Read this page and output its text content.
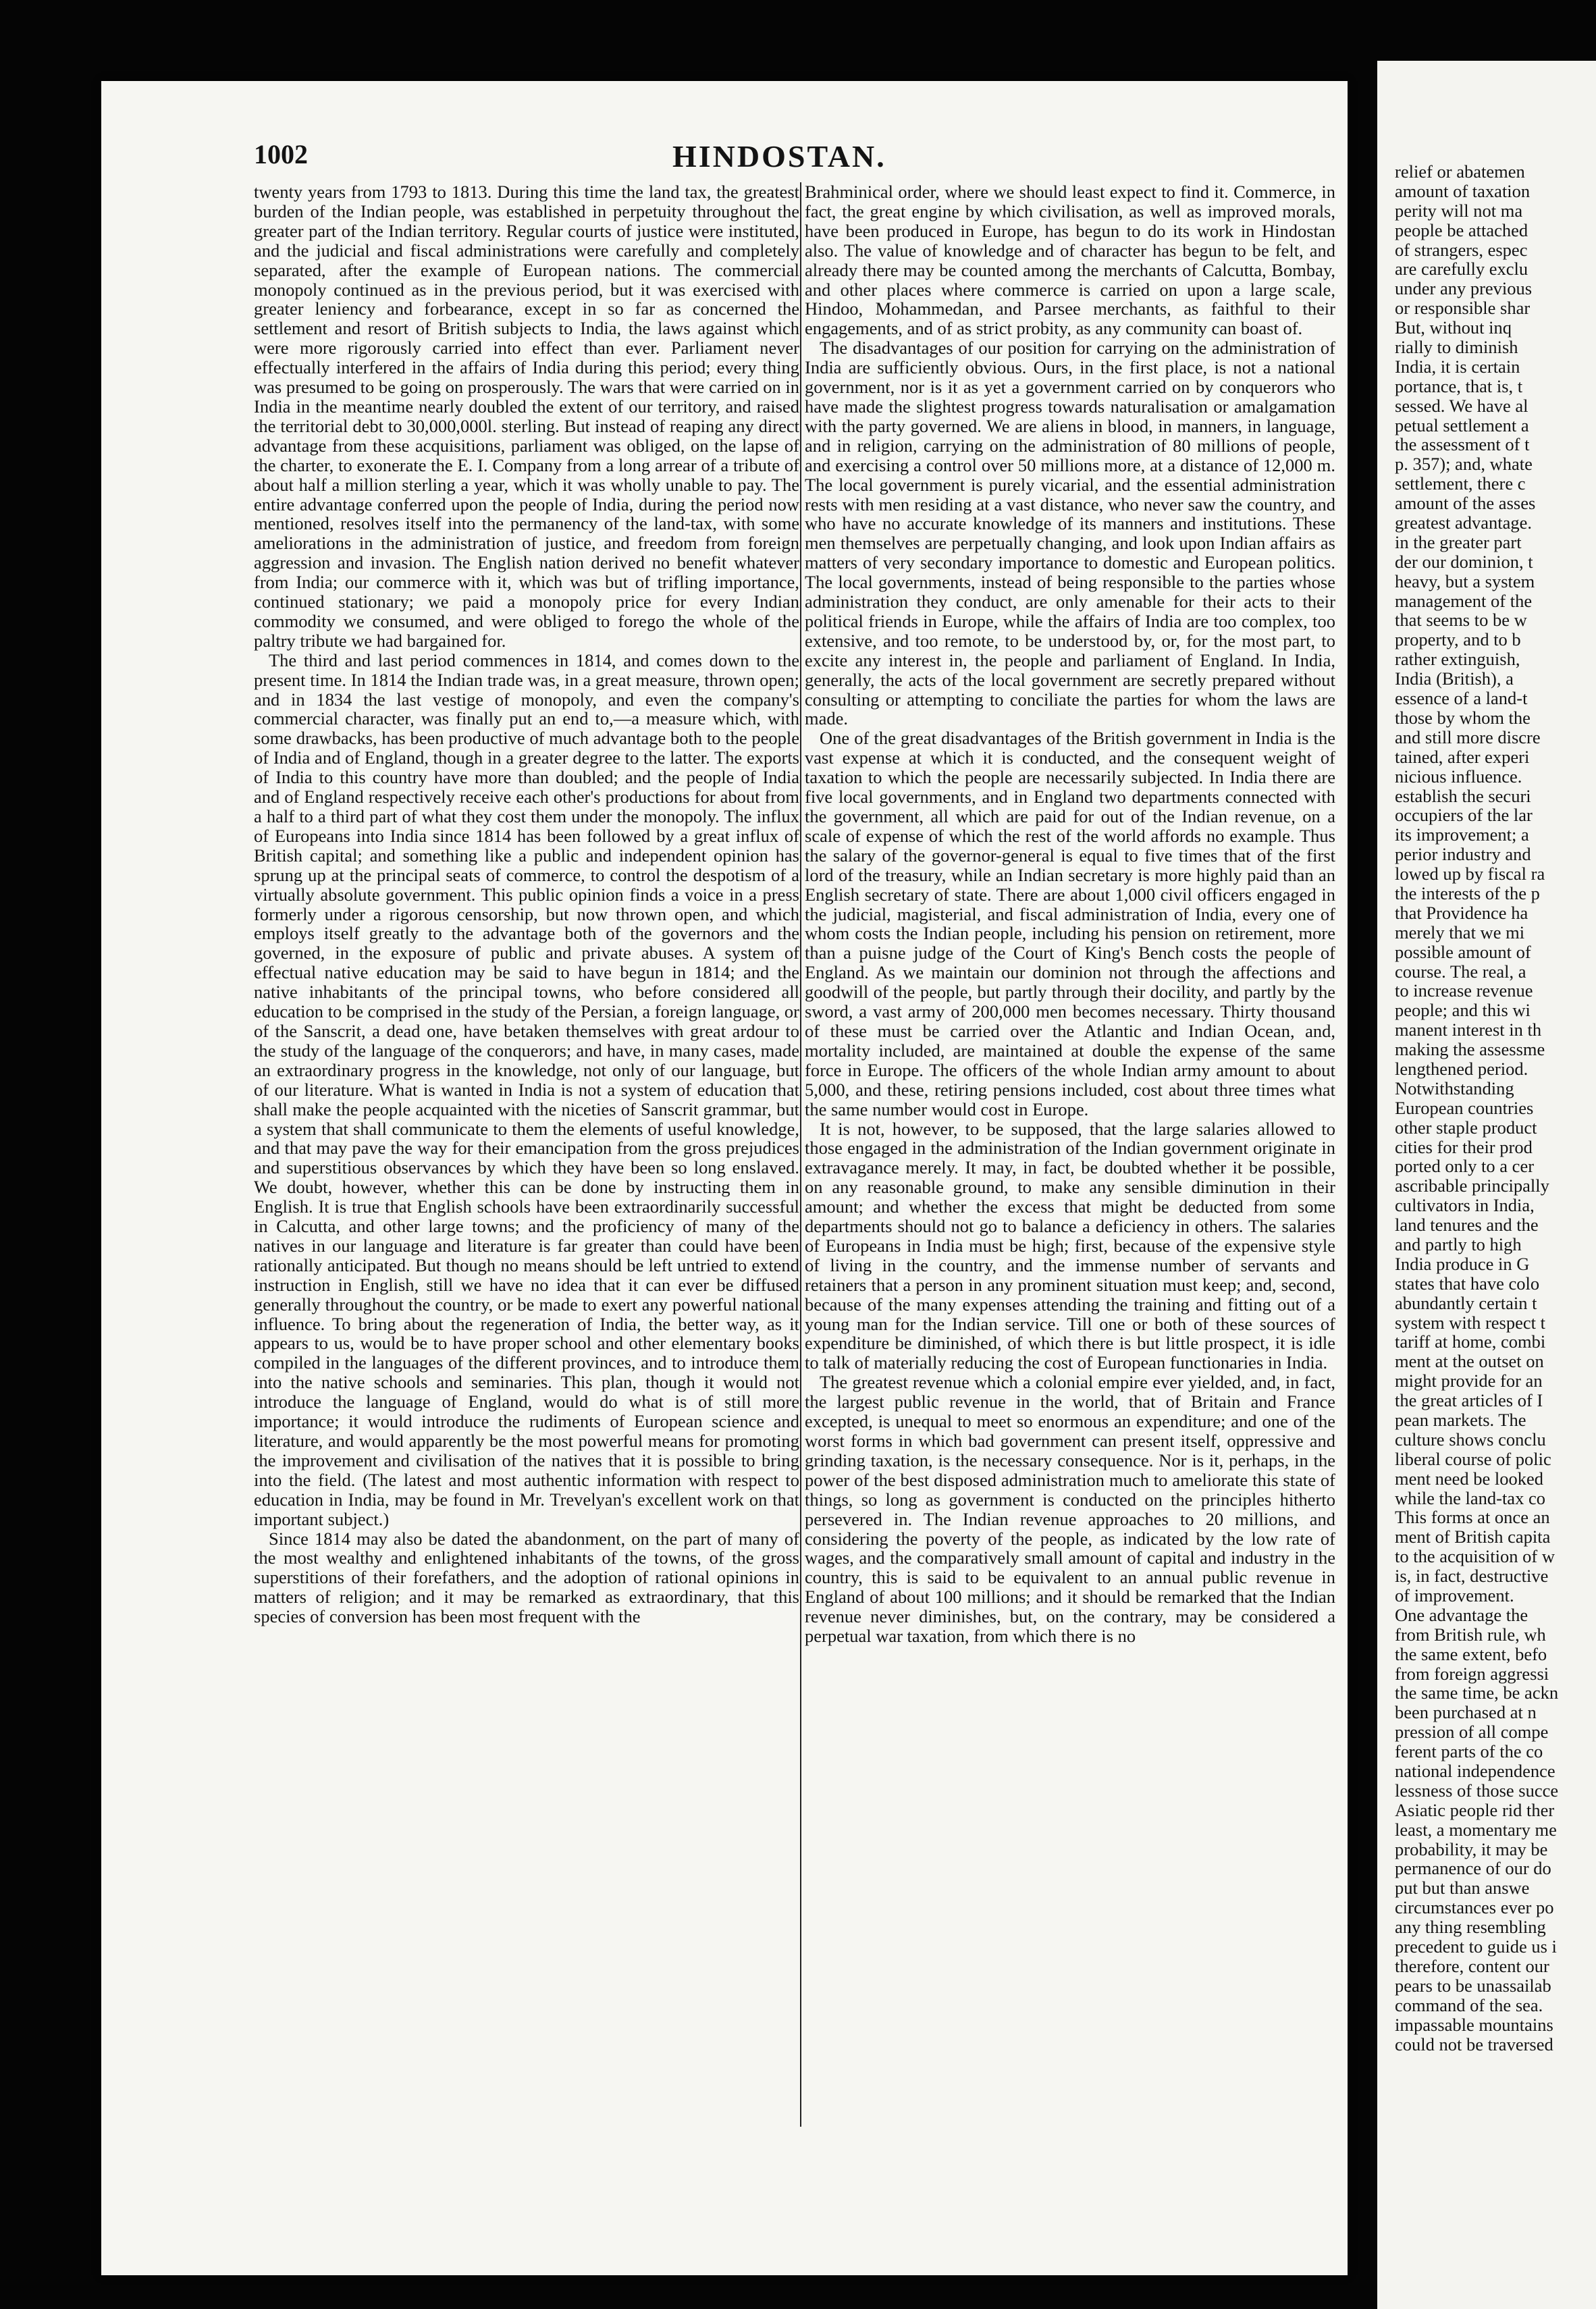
1002	HINDOSTAN.

twenty years from 1793 to 1813. During this time the land tax, the greatest burden of the Indian people, was established in perpetuity throughout the greater part of the Indian territory. Regular courts of justice were instituted, and the judicial and fiscal administrations were carefully and completely separated, after the example of European nations. The commercial monopoly continued as in the previous period, but it was exercised with greater leniency and forbearance, except in so far as concerned the settlement and resort of British subjects to India, the laws against which were more rigorously carried into effect than ever. Parliament never effectually interfered in the affairs of India during this period; every thing was presumed to be going on prosperously. The wars that were carried on in India in the meantime nearly doubled the extent of our territory, and raised the territorial debt to 30,000,000l. sterling. But instead of reaping any direct advantage from these acquisitions, parliament was obliged, on the lapse of the charter, to exonerate the E. I. Company from a long arrear of a tribute of about half a million sterling a year, which it was wholly unable to pay. The entire advantage conferred upon the people of India, during the period now mentioned, resolves itself into the permanency of the land-tax, with some ameliorations in the administration of justice, and freedom from foreign aggression and invasion. The English nation derived no benefit whatever from India; our commerce with it, which was but of trifling importance, continued stationary; we paid a monopoly price for every Indian commodity we consumed, and were obliged to forego the whole of the paltry tribute we had bargained for.

The third and last period commences in 1814, and comes down to the present time. In 1814 the Indian trade was, in a great measure, thrown open; and in 1834 the last vestige of monopoly, and even the company's commercial character, was finally put an end to,—a measure which, with some drawbacks, has been productive of much advantage both to the people of India and of England, though in a greater degree to the latter. The exports of India to this country have more than doubled; and the people of India and of England respectively receive each other's productions for about from a half to a third part of what they cost them under the monopoly. The influx of Europeans into India since 1814 has been followed by a great influx of British capital; and something like a public and independent opinion has sprung up at the principal seats of commerce, to control the despotism of a virtually absolute government. This public opinion finds a voice in a press formerly under a rigorous censorship, but now thrown open, and which employs itself greatly to the advantage both of the governors and the governed, in the exposure of public and private abuses. A system of effectual native education may be said to have begun in 1814; and the native inhabitants of the principal towns, who before considered all education to be comprised in the study of the Persian, a foreign language, or of the Sanscrit, a dead one, have betaken themselves with great ardour to the study of the language of the conquerors; and have, in many cases, made an extraordinary progress in the knowledge, not only of our language, but of our literature. What is wanted in India is not a system of education that shall make the people acquainted with the niceties of Sanscrit grammar, but a system that shall communicate to them the elements of useful knowledge, and that may pave the way for their emancipation from the gross prejudices and superstitious observances by which they have been so long enslaved. We doubt, however, whether this can be done by instructing them in English. It is true that English schools have been extraordinarily successful in Calcutta, and other large towns; and the proficiency of many of the natives in our language and literature is far greater than could have been rationally anticipated. But though no means should be left untried to extend instruction in English, still we have no idea that it can ever be diffused generally throughout the country, or be made to exert any powerful national influence. To bring about the regeneration of India, the better way, as it appears to us, would be to have proper school and other elementary books compiled in the languages of the different provinces, and to introduce them into the native schools and seminaries. This plan, though it would not introduce the language of England, would do what is of still more importance; it would introduce the rudiments of European science and literature, and would apparently be the most powerful means for promoting the improvement and civilisation of the natives that it is possible to bring into the field. (The latest and most authentic information with respect to education in India, may be found in Mr. Trevelyan's excellent work on that important subject.)

Since 1814 may also be dated the abandonment, on the part of many of the most wealthy and enlightened inhabitants of the towns, of the gross superstitions of their forefathers, and the adoption of rational opinions in matters of religion; and it may be remarked as extraordinary, that this species of conversion has been most frequent with the

Brahminical order, where we should least expect to find it. Commerce, in fact, the great engine by which civilisation, as well as improved morals, have been produced in Europe, has begun to do its work in Hindostan also. The value of knowledge and of character has begun to be felt, and already there may be counted among the merchants of Calcutta, Bombay, and other places where commerce is carried on upon a large scale, Hindoo, Mohammedan, and Parsee merchants, as faithful to their engagements, and of as strict probity, as any community can boast of.

The disadvantages of our position for carrying on the administration of India are sufficiently obvious. Ours, in the first place, is not a national government, nor is it as yet a government carried on by conquerors who have made the slightest progress towards naturalisation or amalgamation with the party governed. We are aliens in blood, in manners, in language, and in religion, carrying on the administration of 80 millions of people, and exercising a control over 50 millions more, at a distance of 12,000 m. The local government is purely vicarial, and the essential administration rests with men residing at a vast distance, who never saw the country, and who have no accurate knowledge of its manners and institutions. These men themselves are perpetually changing, and look upon Indian affairs as matters of very secondary importance to domestic and European politics. The local governments, instead of being responsible to the parties whose administration they conduct, are only amenable for their acts to their political friends in Europe, while the affairs of India are too complex, too extensive, and too remote, to be understood by, or, for the most part, to excite any interest in, the people and parliament of England. In India, generally, the acts of the local government are secretly prepared without consulting or attempting to conciliate the parties for whom the laws are made.

One of the great disadvantages of the British government in India is the vast expense at which it is conducted, and the consequent weight of taxation to which the people are necessarily subjected. In India there are five local governments, and in England two departments connected with the government, all which are paid for out of the Indian revenue, on a scale of expense of which the rest of the world affords no example. Thus the salary of the governor-general is equal to five times that of the first lord of the treasury, while an Indian secretary is more highly paid than an English secretary of state. There are about 1,000 civil officers engaged in the judicial, magisterial, and fiscal administration of India, every one of whom costs the Indian people, including his pension on retirement, more than a puisne judge of the Court of King's Bench costs the people of England. As we maintain our dominion not through the affections and goodwill of the people, but partly through their docility, and partly by the sword, a vast army of 200,000 men becomes necessary. Thirty thousand of these must be carried over the Atlantic and Indian Ocean, and, mortality included, are maintained at double the expense of the same force in Europe. The officers of the whole Indian army amount to about 5,000, and these, retiring pensions included, cost about three times what the same number would cost in Europe.

It is not, however, to be supposed, that the large salaries allowed to those engaged in the administration of the Indian government originate in extravagance merely. It may, in fact, be doubted whether it be possible, on any reasonable ground, to make any sensible diminution in their amount; and whether the excess that might be deducted from some departments should not go to balance a deficiency in others. The salaries of Europeans in India must be high; first, because of the expensive style of living in the country, and the immense number of servants and retainers that a person in any prominent situation must keep; and, second, because of the many expenses attending the training and fitting out of a young man for the Indian service. Till one or both of these sources of expenditure be diminished, of which there is but little prospect, it is idle to talk of materially reducing the cost of European functionaries in India.

The greatest revenue which a colonial empire ever yielded, and, in fact, the largest public revenue in the world, that of Britain and France excepted, is unequal to meet so enormous an expenditure; and one of the worst forms in which bad government can present itself, oppressive and grinding taxation, is the necessary consequence. Nor is it, perhaps, in the power of the best disposed administration much to ameliorate this state of things, so long as government is conducted on the principles hitherto persevered in. The Indian revenue approaches to 20 millions, and considering the poverty of the people, as indicated by the low rate of wages, and the comparatively small amount of capital and industry in the country, this is said to be equivalent to an annual public revenue in England of about 100 millions; and it should be remarked that the Indian revenue never diminishes, but, on the contrary, may be considered a perpetual war taxation, from which there is no

relief or abatemen
amount of taxation
perity will not ma
people be attached
of strangers, espec
are carefully exclu
under any previous
or responsible shar
But, without inq
rially to diminish
India, it is certain
portance, that is, t
sessed. We have al
petual settlement a
the assessment of t
p. 357); and, whate
settlement, there c
amount of the asses
greatest advantage.
in the greater part
der our dominion, t
heavy, but a system
management of the
that seems to be w
property, and to b
rather extinguish,
India (British), a
essence of a land-t
those by whom the
and still more discre
tained, after experi
nicious influence.
establish the securi
occupiers of the lar
its improvement; a
perior industry and
lowed up by fiscal ra
the interests of the p
that Providence ha
merely that we mi
possible amount of
course. The real, a
to increase revenue
people; and this wi
manent interest in th
making the assessme
lengthened period.
Notwithstanding
European countries
other staple product
cities for their prod
ported only to a cer
ascribable principally
cultivators in India,
land tenures and the
and partly to high
India produce in G
states that have colo
abundantly certain t
system with respect t
tariff at home, combi
ment at the outset on
might provide for an
the great articles of I
pean markets. The
culture shows conclu
liberal course of polic
ment need be looked
while the land-tax co
This forms at once an
ment of British capita
to the acquisition of w
is, in fact, destructive
of improvement.
One advantage the
from British rule, wh
the same extent, befo
from foreign aggressi
the same time, be ackn
been purchased at n
pression of all compe
ferent parts of the co
national independence
lessness of those succe
Asiatic people rid ther
least, a momentary me
probability, it may be
permanence of our do
put but than answe
circumstances ever po
any thing resembling
precedent to guide us i
therefore, content our
pears to be unassailab
command of the sea.
impassable mountains
could not be traversed
